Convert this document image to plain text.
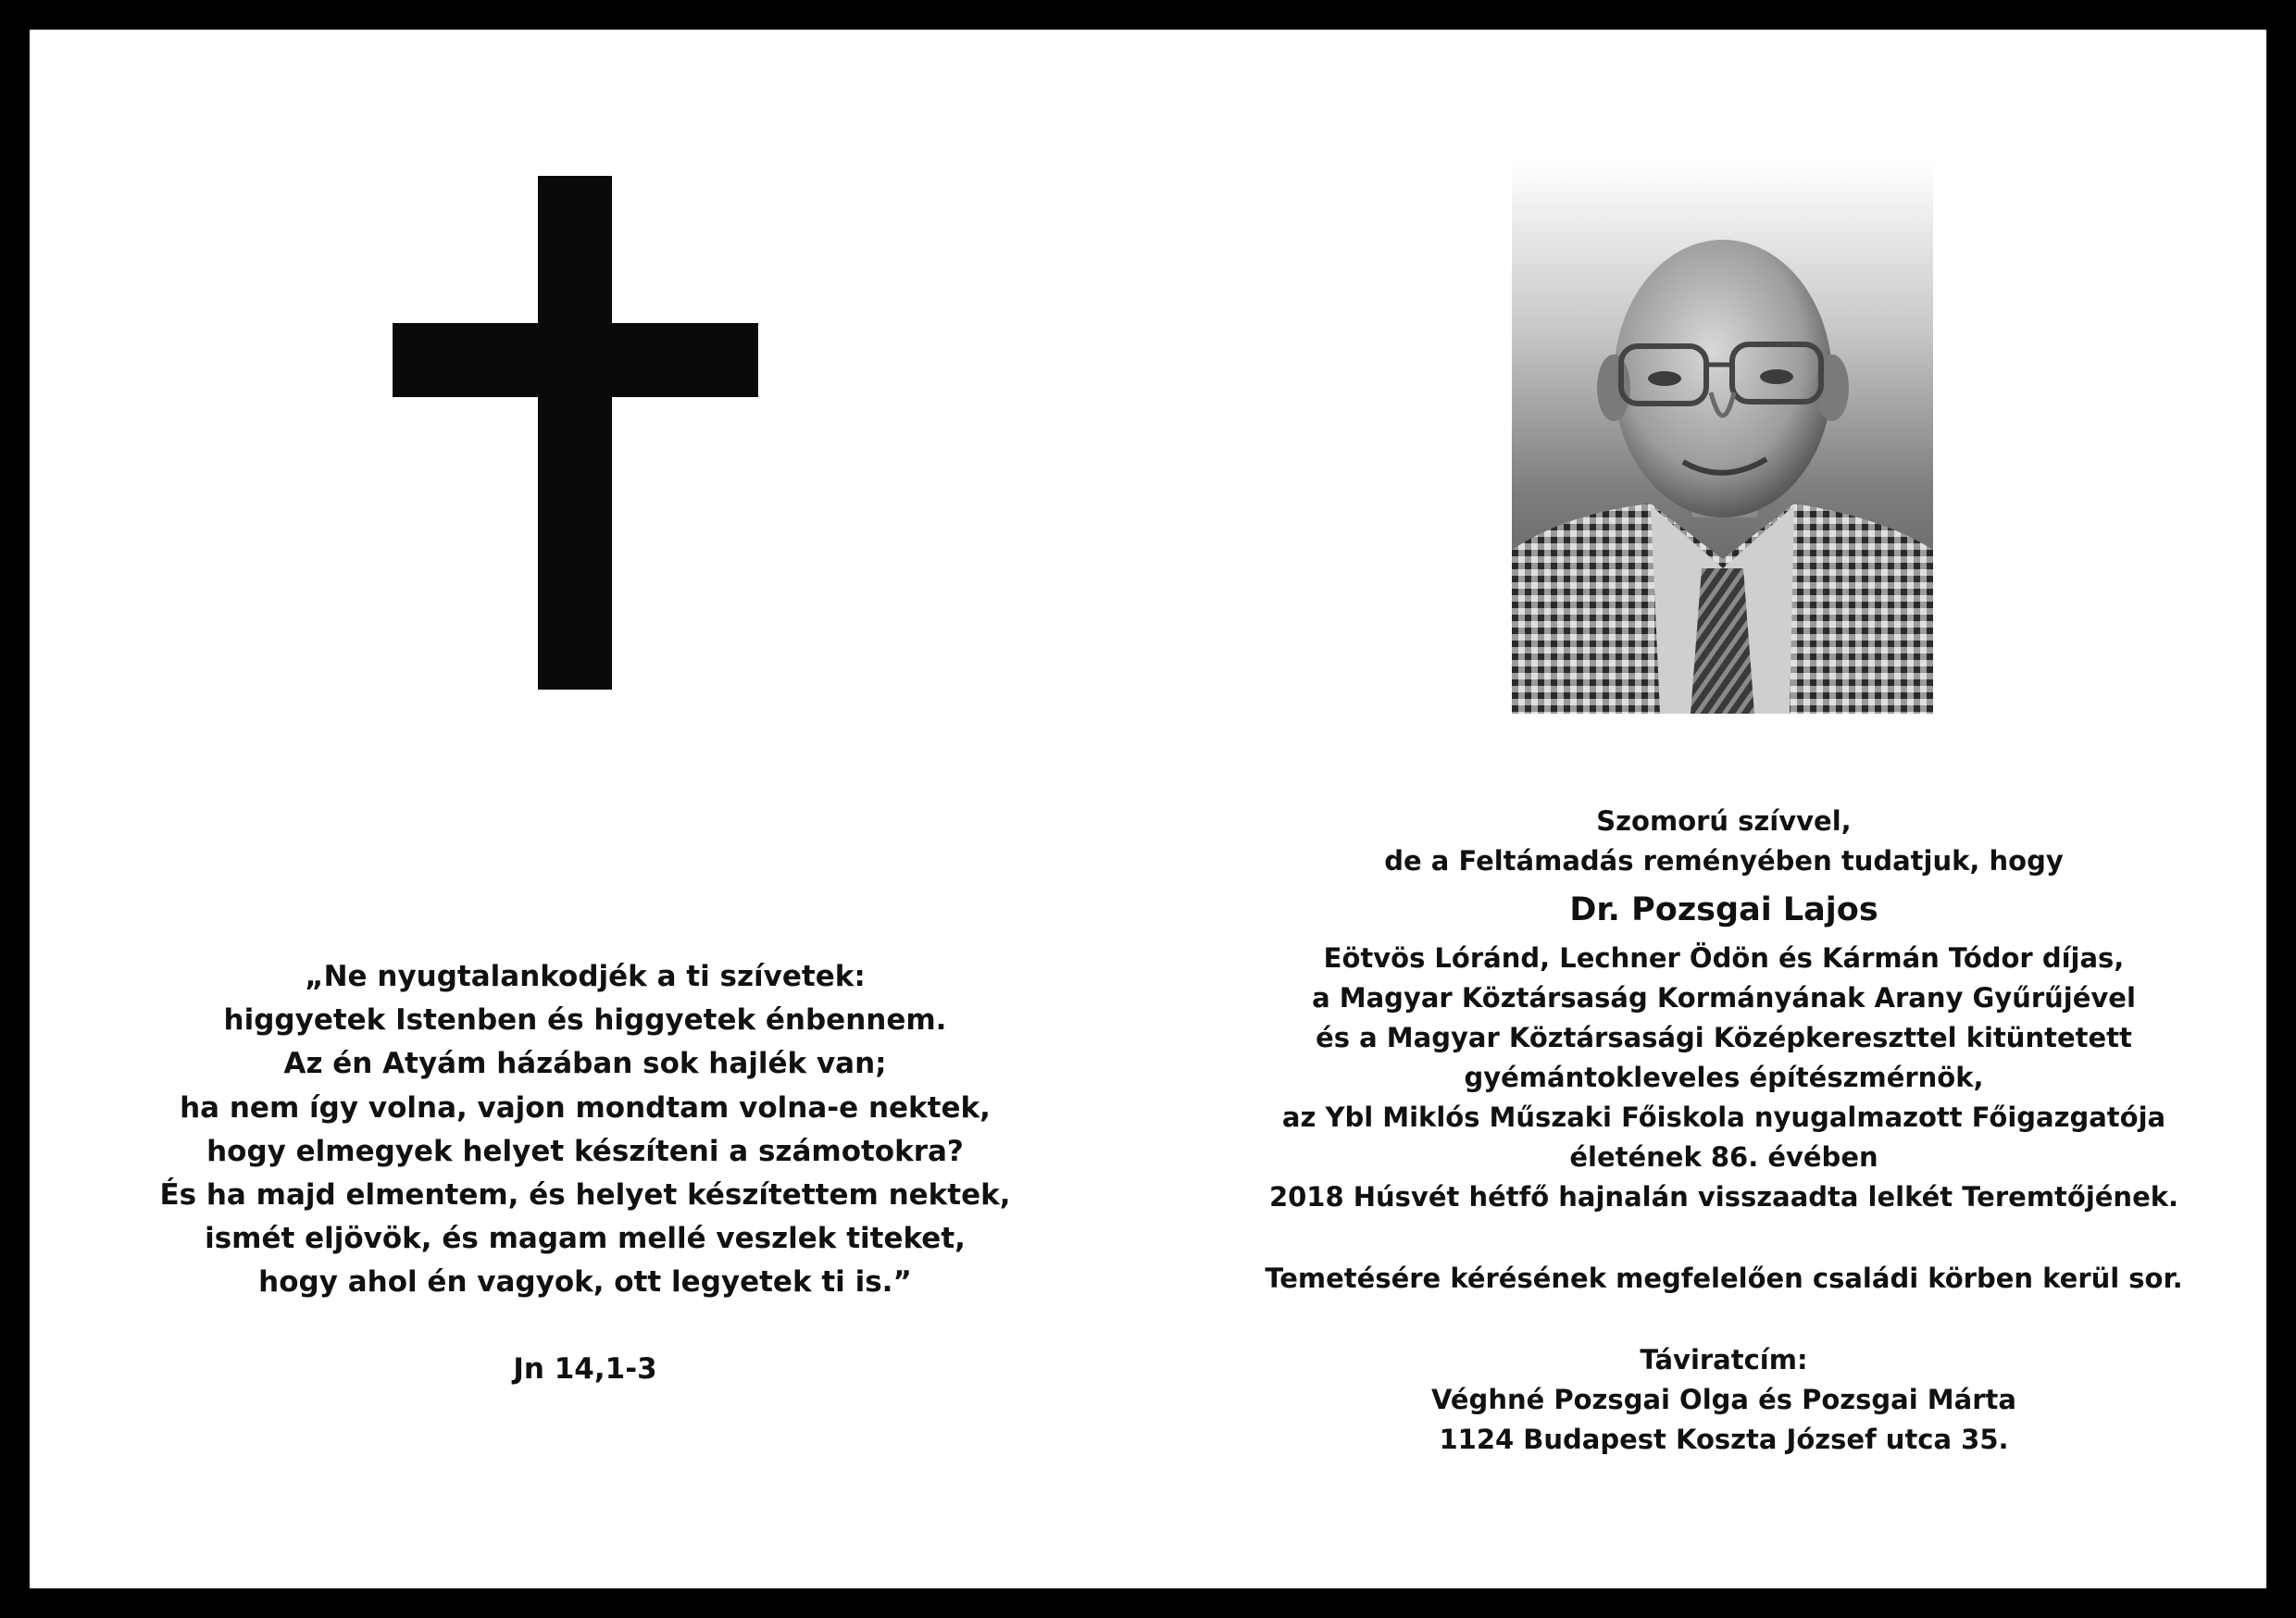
„Ne nyugtalankodjék a ti szívetek:
higgyetek Istenben és higgyetek énbennem.
Az én Atyám házában sok hajlék van;
ha nem így volna, vajon mondtam volna-e nektek,
hogy elmegyek helyet készíteni a számotokra?
És ha majd elmentem, és helyet készítettem nektek,
ismét eljövök, és magam mellé veszlek titeket,
hogy ahol én vagyok, ott legyetek ti is.”
Jn 14,1-3
Szomorú szívvel,
de a Feltámadás reményében tudatjuk, hogy
Dr. Pozsgai Lajos
Eötvös Lóránd, Lechner Ödön és Kármán Tódor díjas,
a Magyar Köztársaság Kormányának Arany Gyűrűjével
és a Magyar Köztársasági Középkereszttel kitüntetett
gyémántokleveles építészmérnök,
az Ybl Miklós Műszaki Főiskola nyugalmazott Főigazgatója
életének 86. évében
2018 Húsvét hétfő hajnalán visszaadta lelkét Teremtőjének.
Temetésére kérésének megfelelően családi körben kerül sor.
Táviratcím:
Véghné Pozsgai Olga és Pozsgai Márta
1124 Budapest Koszta József utca 35.
